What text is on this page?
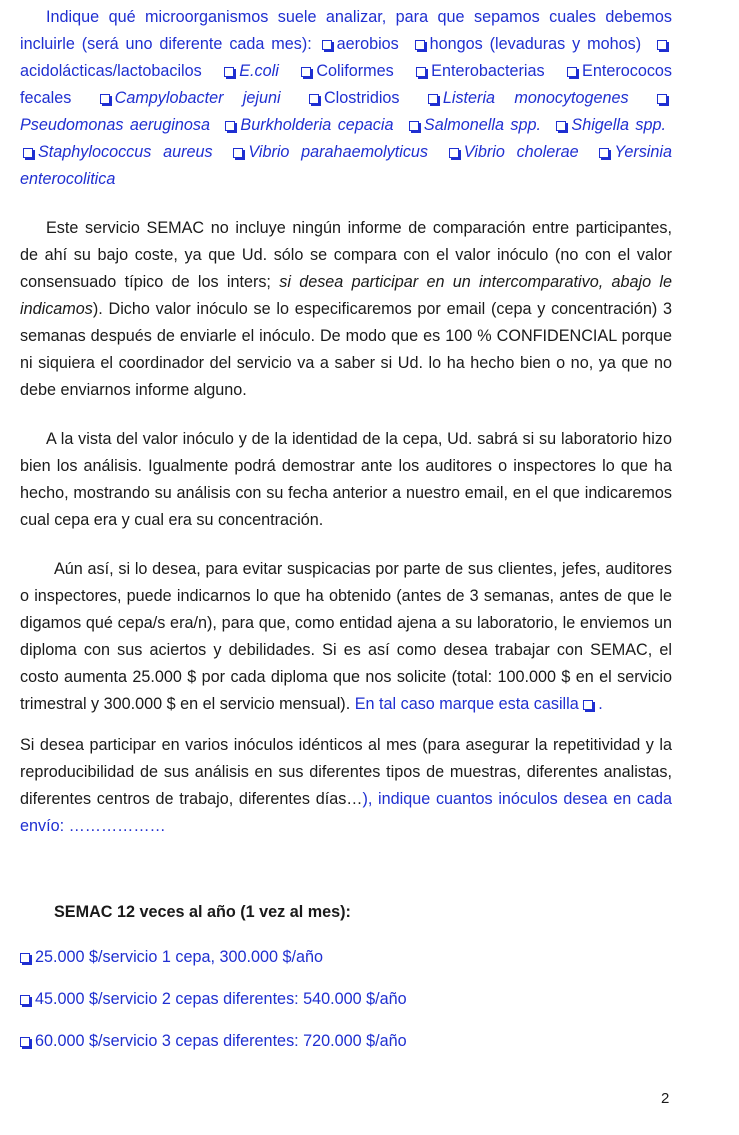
Indique qué microorganismos suele analizar, para que sepamos cuales debemos incluirle (será uno diferente cada mes): aerobios hongos (levaduras y mohos) acidolácticas/lactobacilos E.coli Coliformes Enterobacterias Enterococos fecales	Campylobacter jejuni	Clostridios	Listeria monocytogenes Pseudomonas aeruginosa Burkholderia cepacia Salmonella spp. Shigella spp. Staphylococcus aureus Vibrio parahaemolyticus Vibrio cholerae Yersinia enterocolitica

Este servicio SEMAC no incluye ningún informe de comparación entre participantes, de ahí su bajo coste, ya que Ud. sólo se compara con el valor inóculo (no con el valor consensuado típico de los inters; si desea participar en un intercomparativo, abajo le indicamos). Dicho valor inóculo se lo especificaremos por email (cepa y concentración) 3 semanas después de enviarle el inóculo. De modo que es 100 % CONFIDENCIAL porque ni siquiera el coordinador del servicio va a saber si Ud. lo ha hecho bien o no, ya que no debe enviarnos informe alguno.

A la vista del valor inóculo y de la identidad de la cepa, Ud. sabrá si su laboratorio hizo bien los análisis. Igualmente podrá demostrar ante los auditores o inspectores lo que ha hecho, mostrando su análisis con su fecha anterior a nuestro email, en el que indicaremos cual cepa era y cual era su concentración.

Aún así, si lo desea, para evitar suspicacias por parte de sus clientes, jefes, auditores o inspectores, puede indicarnos lo que ha obtenido (antes de 3 semanas, antes de que le digamos qué cepa/s era/n), para que, como entidad ajena a su laboratorio, le enviemos un diploma con sus aciertos y debilidades. Si es así como desea trabajar con SEMAC, el costo aumenta 25.000 $ por cada diploma que nos solicite (total: 100.000 $ en el servicio trimestral y 300.000 $ en el servicio mensual). En tal caso marque esta casilla .

Si desea participar en varios inóculos idénticos al mes (para asegurar la repetitividad y la reproducibilidad de sus análisis en sus diferentes tipos de muestras, diferentes analistas, diferentes centros de trabajo, diferentes días…), indique cuantos inóculos desea en cada envío: ………………

SEMAC 12 veces al año (1 vez al mes):
25.000 $/servicio 1 cepa, 300.000 $/año
45.000 $/servicio 2 cepas diferentes: 540.000 $/año
60.000 $/servicio 3 cepas diferentes: 720.000 $/año
2
